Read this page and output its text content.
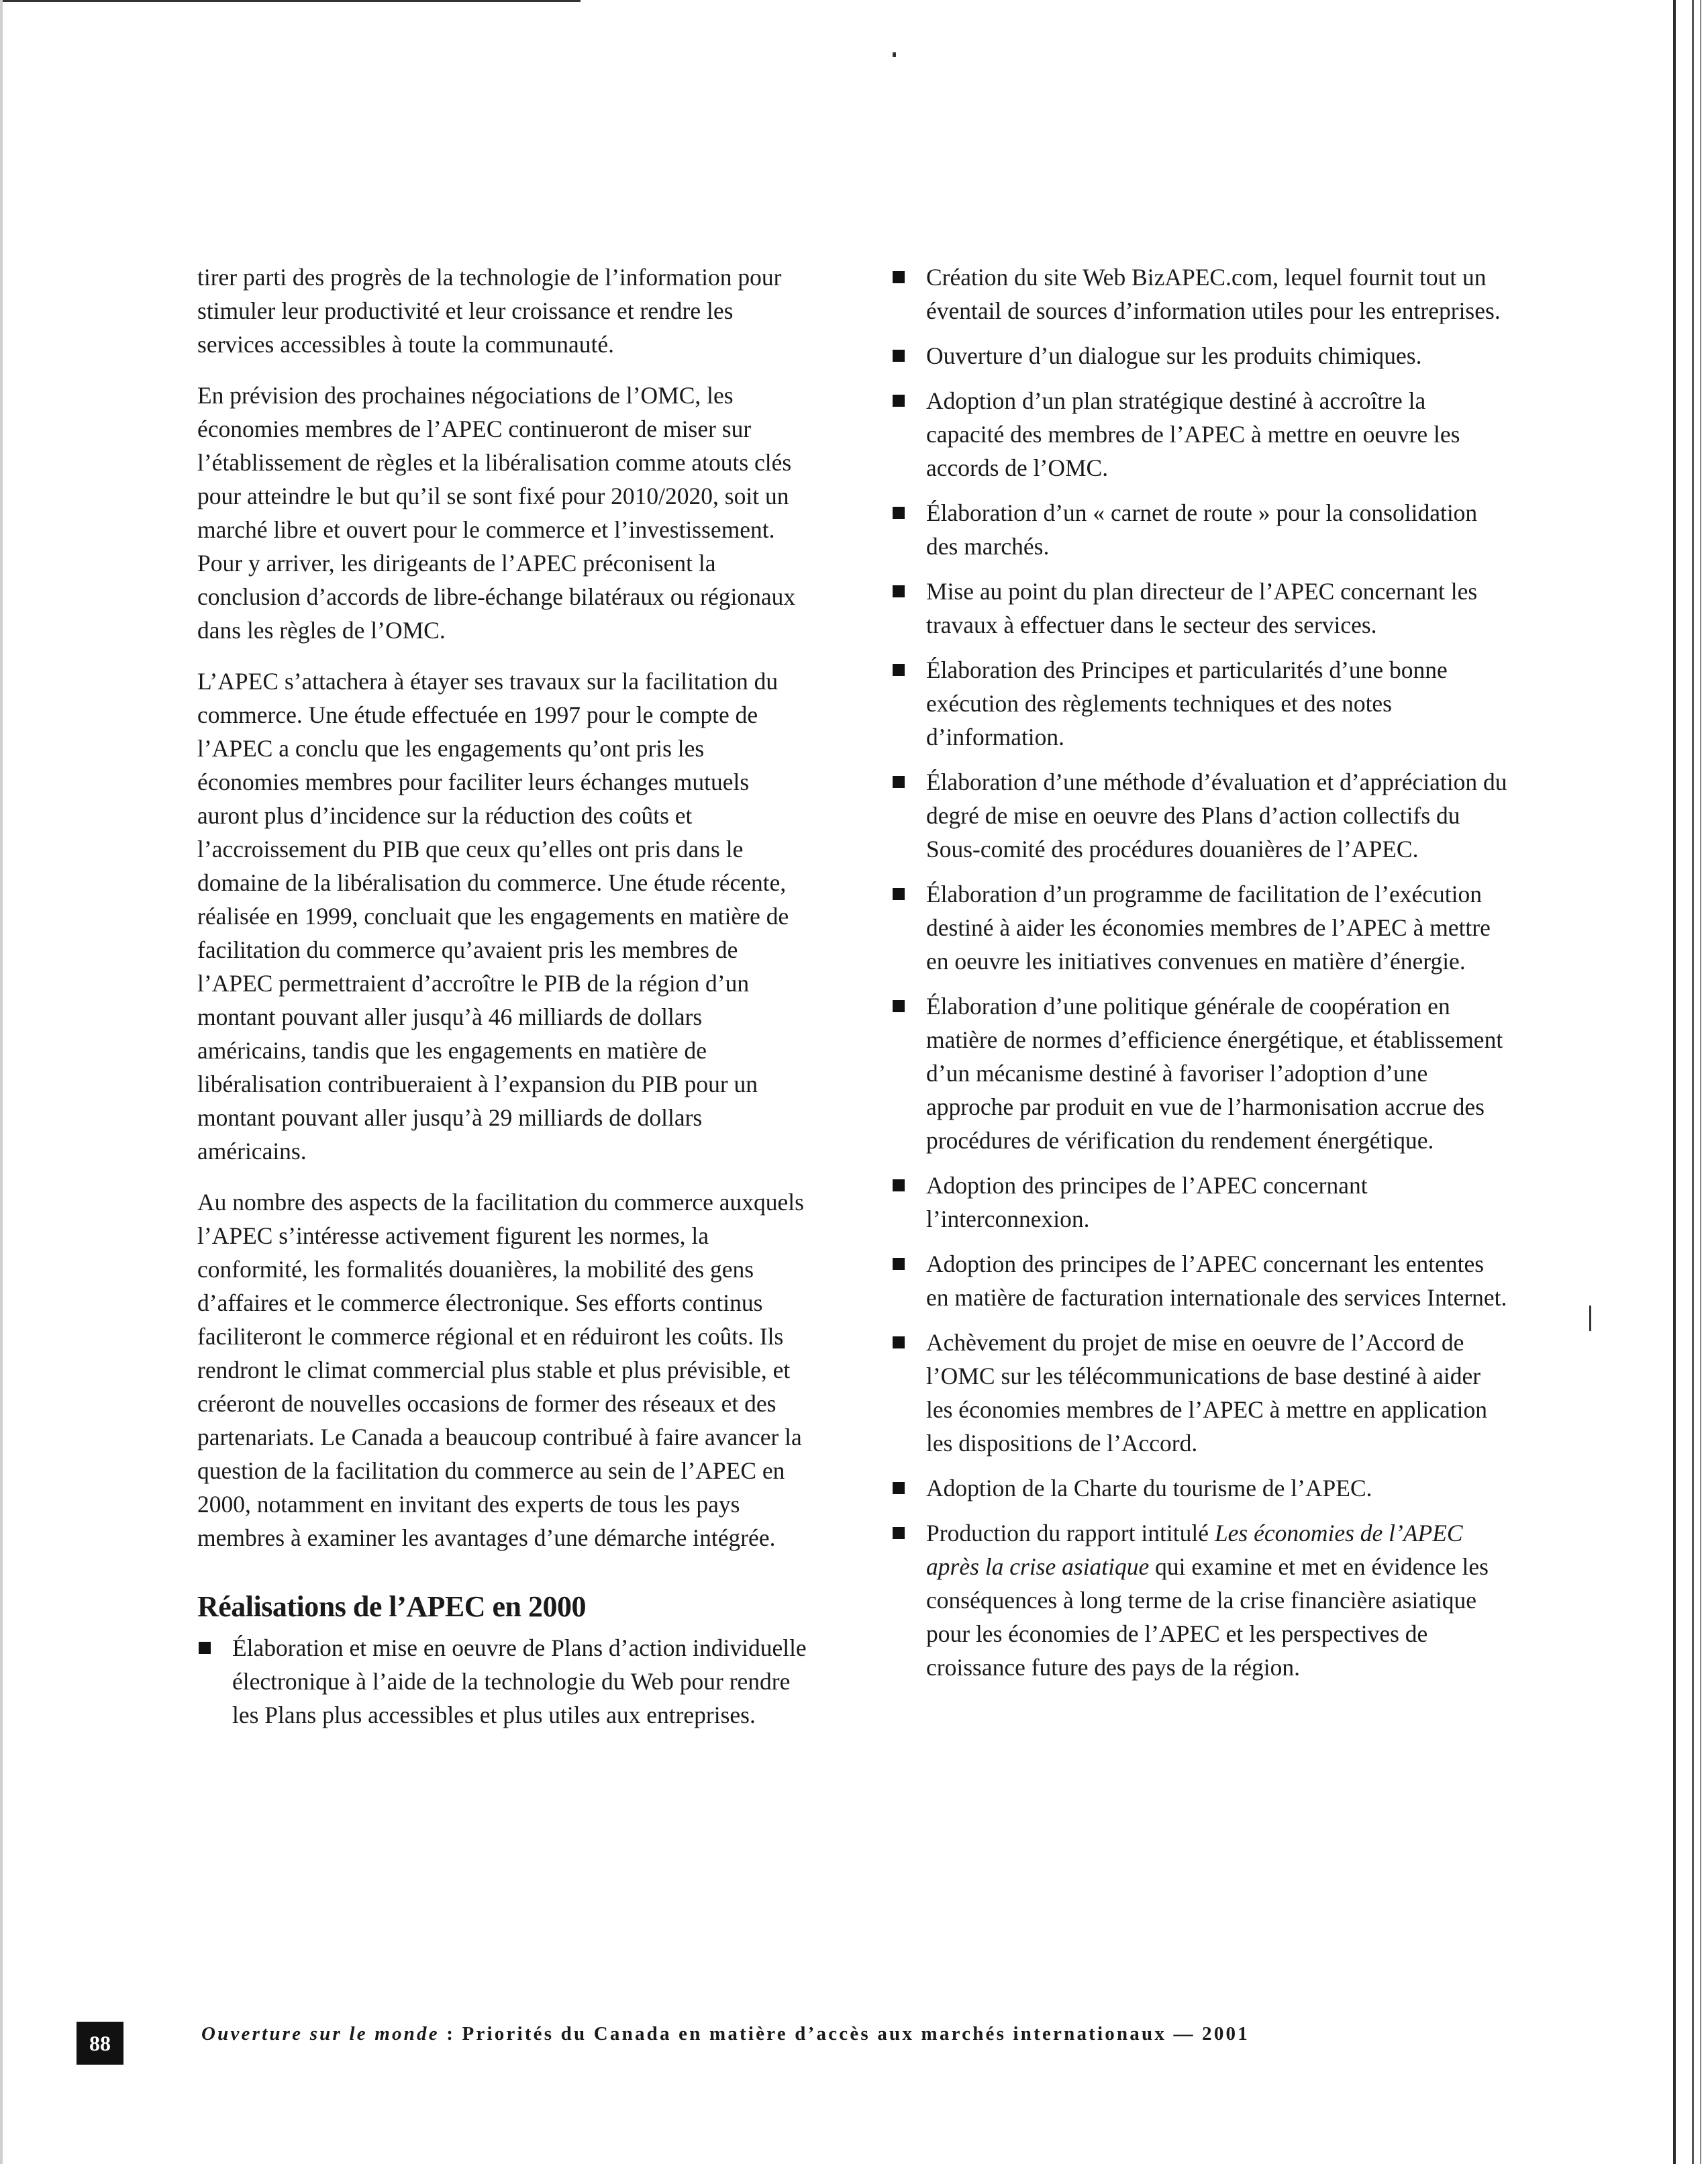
tirer parti des progrès de la technologie de l’information pour stimuler leur productivité et leur croissance et rendre les services accessibles à toute la communauté.

En prévision des prochaines négociations de l’OMC, les économies membres de l’APEC continueront de miser sur l’établissement de règles et la libéralisation comme atouts clés pour atteindre le but qu’il se sont fixé pour 2010/2020, soit un marché libre et ouvert pour le commerce et l’investissement. Pour y arriver, les dirigeants de l’APEC préconisent la conclusion d’accords de libre-échange bilatéraux ou régionaux dans les règles de l’OMC.

L’APEC s’attachera à étayer ses travaux sur la facilitation du commerce. Une étude effectuée en 1997 pour le compte de l’APEC a conclu que les engagements qu’ont pris les économies membres pour faciliter leurs échanges mutuels auront plus d’incidence sur la réduction des coûts et l’accroissement du PIB que ceux qu’elles ont pris dans le domaine de la libéralisation du commerce. Une étude récente, réalisée en 1999, concluait que les engagements en matière de facilitation du commerce qu’avaient pris les membres de l’APEC permettraient d’accroître le PIB de la région d’un montant pouvant aller jusqu’à 46 milliards de dollars américains, tandis que les engagements en matière de libéralisation contribueraient à l’expansion du PIB pour un montant pouvant aller jusqu’à 29 milliards de dollars américains.

Au nombre des aspects de la facilitation du commerce auxquels l’APEC s’intéresse activement figurent les normes, la conformité, les formalités douanières, la mobilité des gens d’affaires et le commerce électronique. Ses efforts continus faciliteront le commerce régional et en réduiront les coûts. Ils rendront le climat commercial plus stable et plus prévisible, et créeront de nouvelles occasions de former des réseaux et des partenariats. Le Canada a beaucoup contribué à faire avancer la question de la facilitation du commerce au sein de l’APEC en 2000, notamment en invitant des experts de tous les pays membres à examiner les avantages d’une démarche intégrée.

Réalisations de l’APEC en 2000
Élaboration et mise en oeuvre de Plans d’action individuelle électronique à l’aide de la technologie du Web pour rendre les Plans plus accessibles et plus utiles aux entreprises.
Création du site Web BizAPEC.com, lequel fournit tout un éventail de sources d’information utiles pour les entreprises.
Ouverture d’un dialogue sur les produits chimiques.
Adoption d’un plan stratégique destiné à accroître la capacité des membres de l’APEC à mettre en oeuvre les accords de l’OMC.
Élaboration d’un « carnet de route » pour la consolidation des marchés.
Mise au point du plan directeur de l’APEC concernant les travaux à effectuer dans le secteur des services.
Élaboration des Principes et particularités d’une bonne exécution des règlements techniques et des notes d’information.
Élaboration d’une méthode d’évaluation et d’appréciation du degré de mise en oeuvre des Plans d’action collectifs du Sous-comité des procédures douanières de l’APEC.
Élaboration d’un programme de facilitation de l’exécution destiné à aider les économies membres de l’APEC à mettre en oeuvre les initiatives convenues en matière d’énergie.
Élaboration d’une politique générale de coopération en matière de normes d’efficience énergétique, et établissement d’un mécanisme destiné à favoriser l’adoption d’une approche par produit en vue de l’harmonisation accrue des procédures de vérification du rendement énergétique.
Adoption des principes de l’APEC concernant l’interconnexion.
Adoption des principes de l’APEC concernant les ententes en matière de facturation internationale des services Internet.
Achèvement du projet de mise en oeuvre de l’Accord de l’OMC sur les télécommunications de base destiné à aider les économies membres de l’APEC à mettre en application les dispositions de l’Accord.
Adoption de la Charte du tourisme de l’APEC.
Production du rapport intitulé Les économies de l’APEC après la crise asiatique qui examine et met en évidence les conséquences à long terme de la crise financière asiatique pour les économies de l’APEC et les perspectives de croissance future des pays de la région.
88	Ouverture sur le monde : Priorités du Canada en matière d’accès aux marchés internationaux — 2001
